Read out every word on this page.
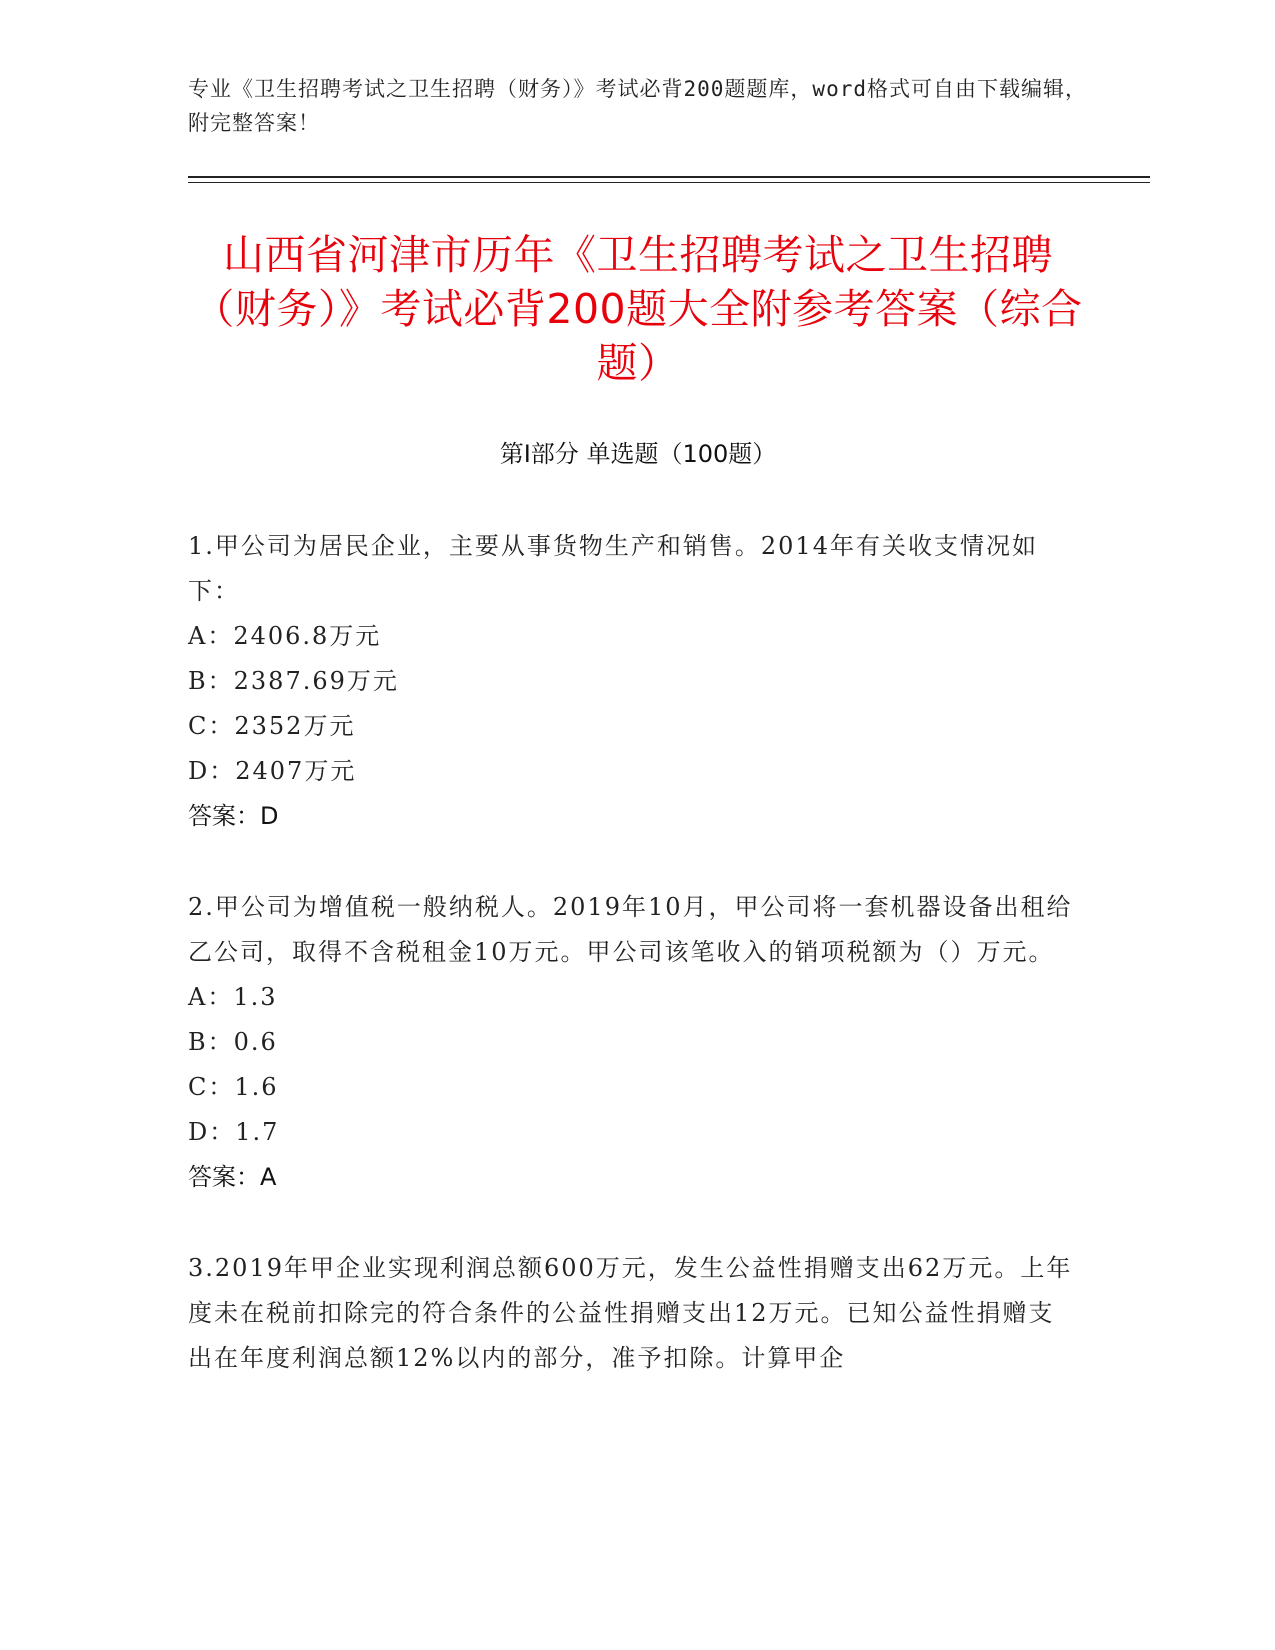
专业《卫生招聘考试之卫生招聘（财务）》考试必背200题题库，word格式可自由下载编辑，附完整答案！
山西省河津市历年《卫生招聘考试之卫生招聘（财务）》考试必背200题大全附参考答案（综合题）
第I部分 单选题（100题）
1.甲公司为居民企业，主要从事货物生产和销售。2014年有关收支情况如下：
A：2406.8万元
B：2387.69万元
C：2352万元
D：2407万元
答案：D
2.甲公司为增值税一般纳税人。2019年10月，甲公司将一套机器设备出租给乙公司，取得不含税租金10万元。甲公司该笔收入的销项税额为（）万元。
A：1.3
B：0.6
C：1.6
D：1.7
答案：A
3.2019年甲企业实现利润总额600万元，发生公益性捐赠支出62万元。上年度未在税前扣除完的符合条件的公益性捐赠支出12万元。已知公益性捐赠支出在年度利润总额12%以内的部分，准予扣除。计算甲企
